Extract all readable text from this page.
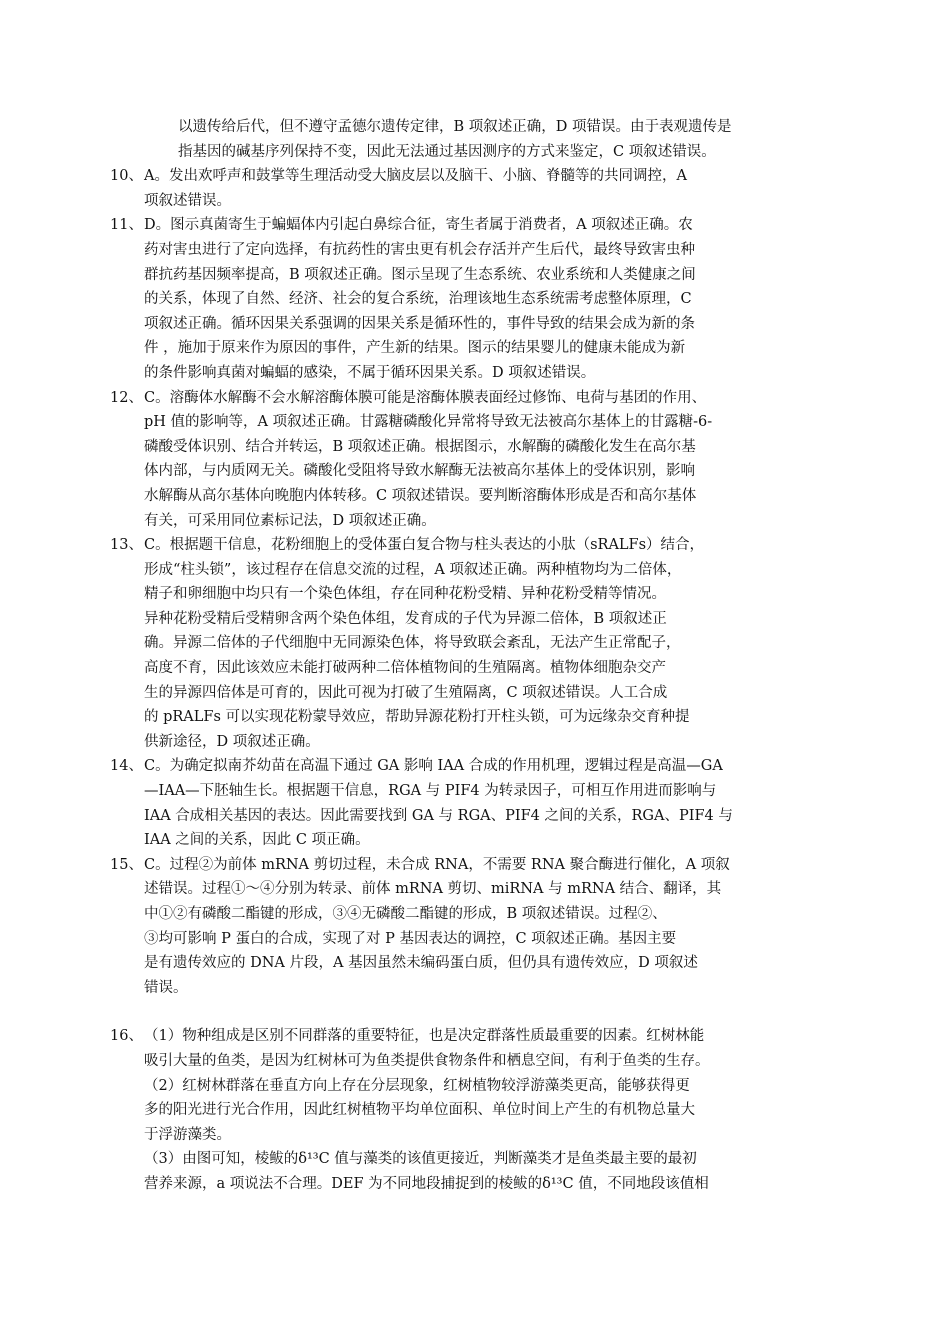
以遗传给后代，但不遵守孟德尔遗传定律，B 项叙述正确，D 项错误。由于表观遗传是
指基因的碱基序列保持不变，因此无法通过基因测序的方式来鉴定，C 项叙述错误。
10、 A。发出欢呼声和鼓掌等生理活动受大脑皮层以及脑干、小脑、脊髓等的共同调控，A
项叙述错误。
11、 D。图示真菌寄生于蝙蝠体内引起白鼻综合征，寄生者属于消费者，A 项叙述正确。农
药对害虫进行了定向选择，有抗药性的害虫更有机会存活并产生后代，最终导致害虫种
群抗药基因频率提高，B 项叙述正确。图示呈现了生态系统、农业系统和人类健康之间
的关系，体现了自然、经济、社会的复合系统，治理该地生态系统需考虑整体原理，C
项叙述正确。循环因果关系强调的因果关系是循环性的，事件导致的结果会成为新的条
件 ，施加于原来作为原因的事件，产生新的结果。图示的结果婴儿的健康未能成为新
的条件影响真菌对蝙蝠的感染，不属于循环因果关系。D 项叙述错误。
12、 C。溶酶体水解酶不会水解溶酶体膜可能是溶酶体膜表面经过修饰、电荷与基团的作用、
pH 值的影响等，A 项叙述正确。甘露糖磷酸化异常将导致无法被高尔基体上的甘露糖-6-
磷酸受体识别、结合并转运，B 项叙述正确。根据图示，水解酶的磷酸化发生在高尔基
体内部，与内质网无关。磷酸化受阻将导致水解酶无法被高尔基体上的受体识别，影响
水解酶从高尔基体向晚胞内体转移。C 项叙述错误。要判断溶酶体形成是否和高尔基体
有关，可采用同位素标记法，D 项叙述正确。
13、 C。根据题干信息，花粉细胞上的受体蛋白复合物与柱头表达的小肽（sRALFs）结合，
形成“柱头锁”，该过程存在信息交流的过程，A 项叙述正确。两种植物均为二倍体，
精子和卵细胞中均只有一个染色体组，存在同种花粉受精、异种花粉受精等情况。
异种花粉受精后受精卵含两个染色体组，发育成的子代为异源二倍体，B 项叙述正
确。异源二倍体的子代细胞中无同源染色体，将导致联会紊乱，无法产生正常配子，
高度不育，因此该效应未能打破两种二倍体植物间的生殖隔离。植物体细胞杂交产
生的异源四倍体是可育的，因此可视为打破了生殖隔离，C 项叙述错误。人工合成
的 pRALFs 可以实现花粉蒙导效应，帮助异源花粉打开柱头锁，可为远缘杂交育种提
供新途径，D 项叙述正确。
14、 C。为确定拟南芥幼苗在高温下通过 GA 影响 IAA 合成的作用机理，逻辑过程是高温—GA
—IAA—下胚轴生长。根据题干信息，RGA 与 PIF4 为转录因子，可相互作用进而影响与
IAA 合成相关基因的表达。因此需要找到 GA 与 RGA、PIF4 之间的关系，RGA、PIF4 与
IAA 之间的关系，因此 C 项正确。
15、 C。过程②为前体 mRNA 剪切过程，未合成 RNA，不需要 RNA 聚合酶进行催化，A 项叙
述错误。过程①～④分别为转录、前体 mRNA 剪切、miRNA 与 mRNA 结合、翻译，其
中①②有磷酸二酯键的形成，③④无磷酸二酯键的形成，B 项叙述错误。过程②、
③均可影响 P 蛋白的合成，实现了对 P 基因表达的调控，C 项叙述正确。基因主要
是有遗传效应的 DNA 片段，A 基因虽然未编码蛋白质，但仍具有遗传效应，D 项叙述
错误。
16、 （1）物种组成是区别不同群落的重要特征，也是决定群落性质最重要的因素。红树林能
吸引大量的鱼类，是因为红树林可为鱼类提供食物条件和栖息空间，有利于鱼类的生存。
（2）红树林群落在垂直方向上存在分层现象，红树植物较浮游藻类更高，能够获得更
多的阳光进行光合作用，因此红树植物平均单位面积、单位时间上产生的有机物总量大
于浮游藻类。
（3）由图可知，棱鲅的δ¹³C 值与藻类的该值更接近，判断藻类才是鱼类最主要的最初
营养来源，a 项说法不合理。DEF 为不同地段捕捉到的棱鲅的δ¹³C 值，不同地段该值相
